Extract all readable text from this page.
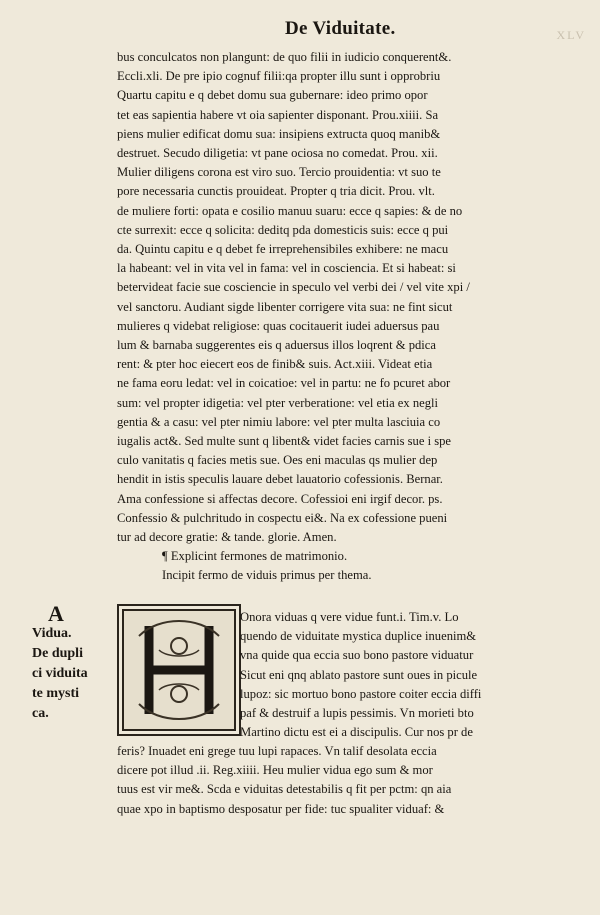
XLV
De Viduitate.
bus conculcatos non plangunt: de quo filii in iudicio conquerent&.
Eccli.xli. De pre ipio cognuf filii:qa propter illu sunt i opprobriu
Quartu capitu e q debet domu sua gubernare: ideo primo opor
tet eas sapientia habere vt oia sapienter disponant. Prou.xiiii. Sa
piens mulier edificat domu sua: insipiens extructa quoq manib&
destruet. Secudo diligetia: vt pane ociosa no comedat. Prou. xii.
Mulier diligens corona est viro suo. Tercio prouidentia: vt suo te
pore necessaria cunctis prouideat. Propter q tria dicit. Prou. vlt.
de muliere forti: opata e cosilio manuu suaru: ecce q sapies: & de no
cte surrexit: ecce q solicita: deditq pda domesticis suis: ecce q pui
da. Quintu capitu e q debet fe irreprehensibiles exhibere: ne macu
la habeant: vel in vita vel in fama: vel in cosciencia. Et si habeat: si
betervideat facie sue cosciencie in speculo vel verbi dei / vel vite xpi /
vel sanctoru. Audiant sigde libenter corrigere vita sua: ne fint sicut
mulieres q videbat religiose: quas cocitauerit iudei aduersus pau
lum & barnaba suggerentes eis q aduersus illos loqrent & pdica
rent: & pter hoc eiecert eos de finib& suis. Act.xiii. Videat etia
ne fama eoru ledat: vel in coicatioe: vel in partu: ne fo pcuret abor
sum: vel propter idigetia: vel pter verberatione: vel etia ex negli
gentia & a casu: vel pter nimiu labore: vel pter multa lasciuia co
iugalis act&. Sed multe sunt q libent& videt facies carnis sue i spe
culo vanitatis q facies metis sue. Oes eni maculas qs mulier dep
hendit in istis speculis lauare debet lauatorio cofessionis. Bernar.
Ama confessione si affectas decore. Cofessioi eni irgif decor. ps.
Confessio & pulchritudo in cospectu ei&. Na ex cofessione pueni
tur ad decore gratie: & tande. glorie. Amen.
¶ Explicint fermones de matrimonio.
Incipit fermo de viduis primus per thema.
A
Vidua.
De dupli
ci viduita
te mysti
ca.
Onora viduas q vere vidue funt.i. Tim.v. Lo
quendo de viduitate mystica duplice inuenim&
vna quide qua eccia suo bono pastore viduatur
Sicut eni qnq ablato pastore sunt oues in picule
lupoz: sic mortuo bono pastore coiter eccia diffi
paf & destruif a lupis pessimis. Vn morieti bto
Martino dictu est ei a discipulis. Cur nos pr de
feris? Inuadet eni grege tuu lupi rapaces. Vn talif desolata eccia
dicere pot illud .ii. Reg.xiiii. Heu mulier vidua ego sum & mor
tuus est vir me&. Scda e viduitas detestabilis q fit per pctm: qn aia
quae xpo in baptismo desposatur per fide: tuc spualiter viduaf: &
